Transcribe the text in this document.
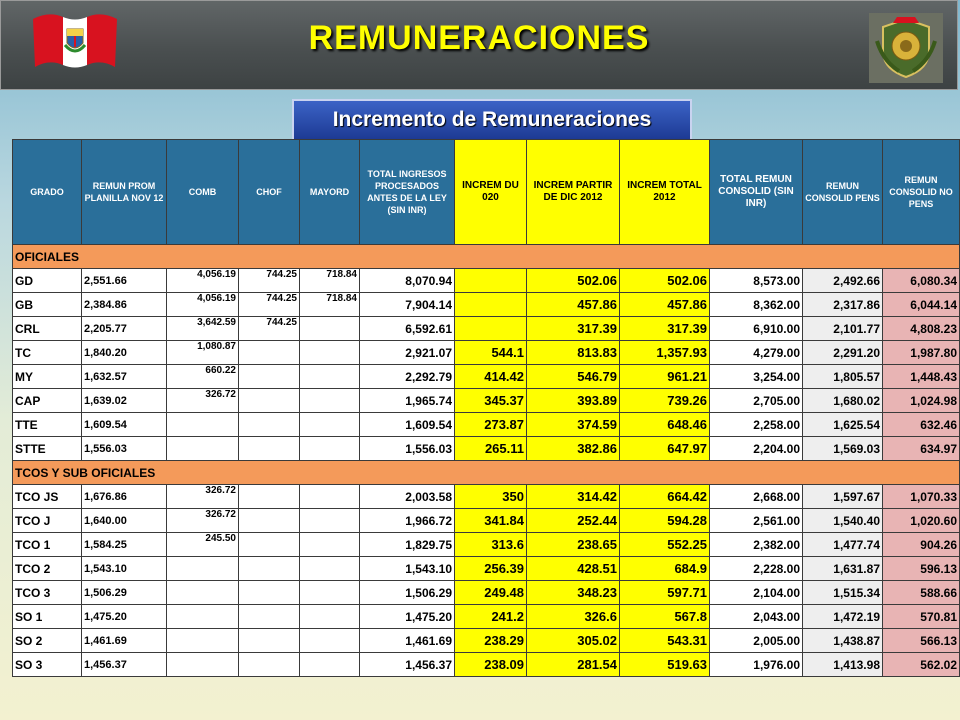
REMUNERACIONES
Incremento de Remuneraciones
GRADO	REMUN PROM PLANILLA NOV 12	COMB	CHOF	MAYORD	TOTAL INGRESOS PROCESADOS ANTES DE LA LEY (SIN INR)	INCREM DU 020	INCREM PARTIR DE DIC 2012	INCREM TOTAL 2012	TOTAL REMUN CONSOLID (SIN INR)	REMUN CONSOLID PENS	REMUN CONSOLID NO PENS
OFICIALES											
GD	2,551.66	4,056.19	744.25	718.84	8,070.94		502.06	502.06	8,573.00	2,492.66	6,080.34
GB	2,384.86	4,056.19	744.25	718.84	7,904.14		457.86	457.86	8,362.00	2,317.86	6,044.14
CRL	2,205.77	3,642.59	744.25		6,592.61		317.39	317.39	6,910.00	2,101.77	4,808.23
TC	1,840.20	1,080.87			2,921.07	544.1	813.83	1,357.93	4,279.00	2,291.20	1,987.80
MY	1,632.57	660.22			2,292.79	414.42	546.79	961.21	3,254.00	1,805.57	1,448.43
CAP	1,639.02	326.72			1,965.74	345.37	393.89	739.26	2,705.00	1,680.02	1,024.98
TTE	1,609.54				1,609.54	273.87	374.59	648.46	2,258.00	1,625.54	632.46
STTE	1,556.03				1,556.03	265.11	382.86	647.97	2,204.00	1,569.03	634.97
TCOS Y SUB OFICIALES											
TCO JS	1,676.86	326.72			2,003.58	350	314.42	664.42	2,668.00	1,597.67	1,070.33
TCO J	1,640.00	326.72			1,966.72	341.84	252.44	594.28	2,561.00	1,540.40	1,020.60
TCO 1	1,584.25	245.50			1,829.75	313.6	238.65	552.25	2,382.00	1,477.74	904.26
TCO 2	1,543.10				1,543.10	256.39	428.51	684.9	2,228.00	1,631.87	596.13
TCO 3	1,506.29				1,506.29	249.48	348.23	597.71	2,104.00	1,515.34	588.66
SO 1	1,475.20				1,475.20	241.2	326.6	567.8	2,043.00	1,472.19	570.81
SO 2	1,461.69				1,461.69	238.29	305.02	543.31	2,005.00	1,438.87	566.13
SO 3	1,456.37				1,456.37	238.09	281.54	519.63	1,976.00	1,413.98	562.02
